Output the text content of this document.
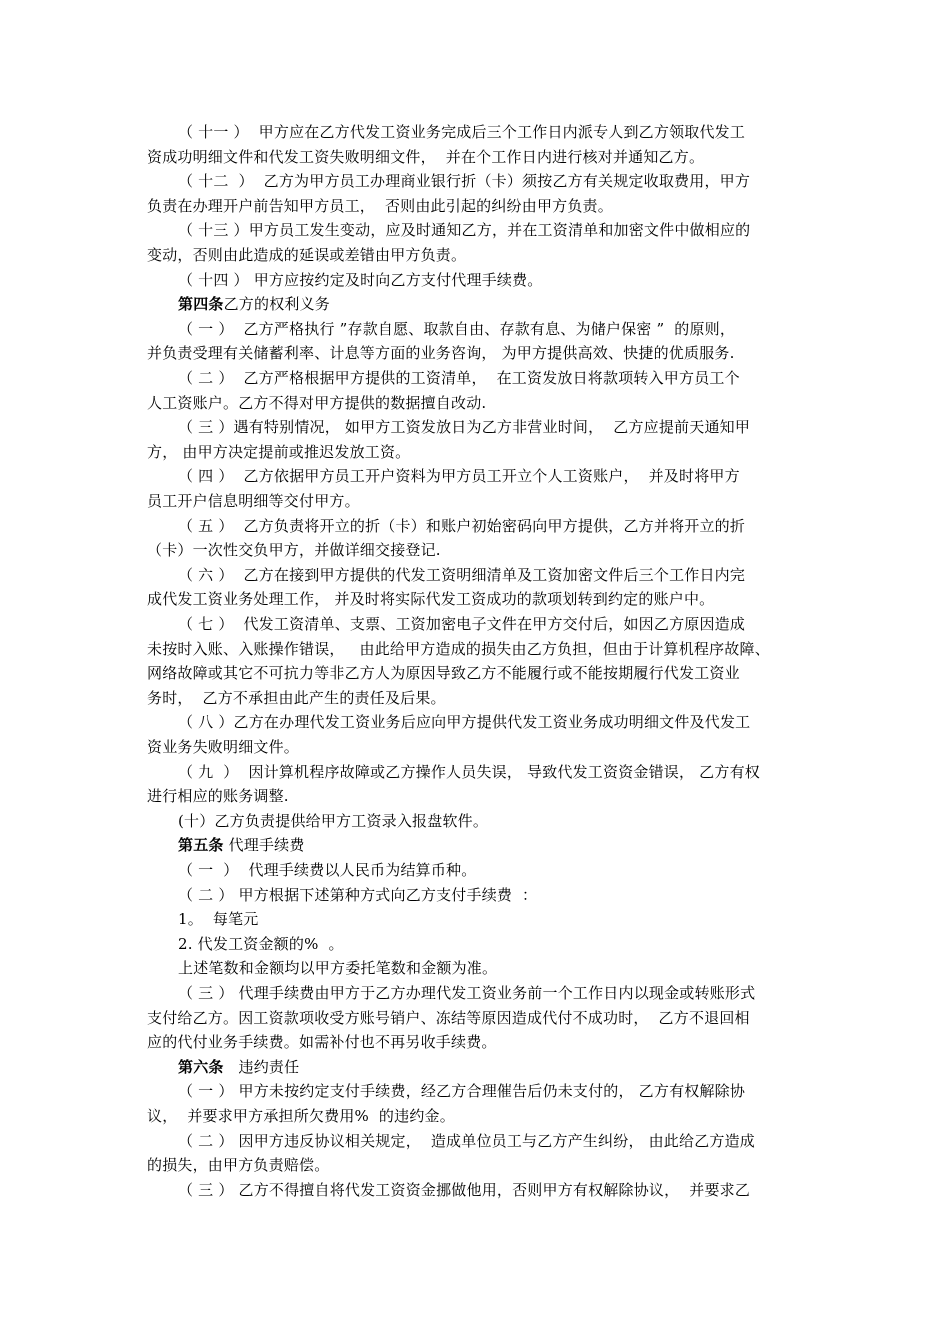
（ 十一 ）  甲方应在乙方代发工资业务完成后三个工作日内派专人到乙方领取代发工
资成功明细文件和代发工资失败明细文件，  并在个工作日内进行核对并通知乙方。
（ 十二  ）  乙方为甲方员工办理商业银行折（卡）须按乙方有关规定收取费用，甲方
负责在办理开户前告知甲方员工，  否则由此引起的纠纷由甲方负责。
（ 十三 ）甲方员工发生变动，应及时通知乙方，并在工资清单和加密文件中做相应的
变动，否则由此造成的延误或差错由甲方负责。
（ 十四 ） 甲方应按约定及时向乙方支付代理手续费。
第四条乙方的权利义务
（ 一 ）  乙方严格执行 ”存款自愿、取款自由、存款有息、为储户保密 ”  的原则，
并负责受理有关储蓄利率、计息等方面的业务咨询， 为甲方提供高效、快捷的优质服务.
（ 二 ）  乙方严格根据甲方提供的工资清单，  在工资发放日将款项转入甲方员工个
人工资账户。乙方不得对甲方提供的数据擅自改动.
（ 三 ）遇有特别情况， 如甲方工资发放日为乙方非营业时间，  乙方应提前天通知甲
方， 由甲方决定提前或推迟发放工资。
（ 四 ）  乙方依据甲方员工开户资料为甲方员工开立个人工资账户，  并及时将甲方
员工开户信息明细等交付甲方。
（ 五 ）  乙方负责将开立的折（卡）和账户初始密码向甲方提供，乙方并将开立的折
（卡）一次性交负甲方，并做详细交接登记.
（ 六 ）  乙方在接到甲方提供的代发工资明细清单及工资加密文件后三个工作日内完
成代发工资业务处理工作， 并及时将实际代发工资成功的款项划转到约定的账户中。
（ 七 ）  代发工资清单、支票、工资加密电子文件在甲方交付后，如因乙方原因造成
未按时入账、入账操作错误，   由此给甲方造成的损失由乙方负担，但由于计算机程序故障、
网络故障或其它不可抗力等非乙方人为原因导致乙方不能履行或不能按期履行代发工资业
务时，  乙方不承担由此产生的责任及后果。
（ 八 ）乙方在办理代发工资业务后应向甲方提供代发工资业务成功明细文件及代发工
资业务失败明细文件。
（ 九  ）  因计算机程序故障或乙方操作人员失误， 导致代发工资资金错误， 乙方有权
进行相应的账务调整.
(十）乙方负责提供给甲方工资录入报盘软件。
第五条 代理手续费
（ 一  ）  代理手续费以人民币为结算币种。
（ 二 ） 甲方根据下述第种方式向乙方支付手续费  ：
1。  每笔元
2. 代发工资金额的%  。
上述笔数和金额均以甲方委托笔数和金额为准。
（ 三 ） 代理手续费由甲方于乙方办理代发工资业务前一个工作日内以现金或转账形式
支付给乙方。因工资款项收受方账号销户、冻结等原因造成代付不成功时，  乙方不退回相
应的代付业务手续费。如需补付也不再另收手续费。
第六条   违约责任
（ 一 ） 甲方未按约定支付手续费，经乙方合理催告后仍未支付的， 乙方有权解除协
议，  并要求甲方承担所欠费用%  的违约金。
（ 二 ） 因甲方违反协议相关规定，  造成单位员工与乙方产生纠纷， 由此给乙方造成
的损失，由甲方负责赔偿。
（ 三 ） 乙方不得擅自将代发工资资金挪做他用，否则甲方有权解除协议，  并要求乙
